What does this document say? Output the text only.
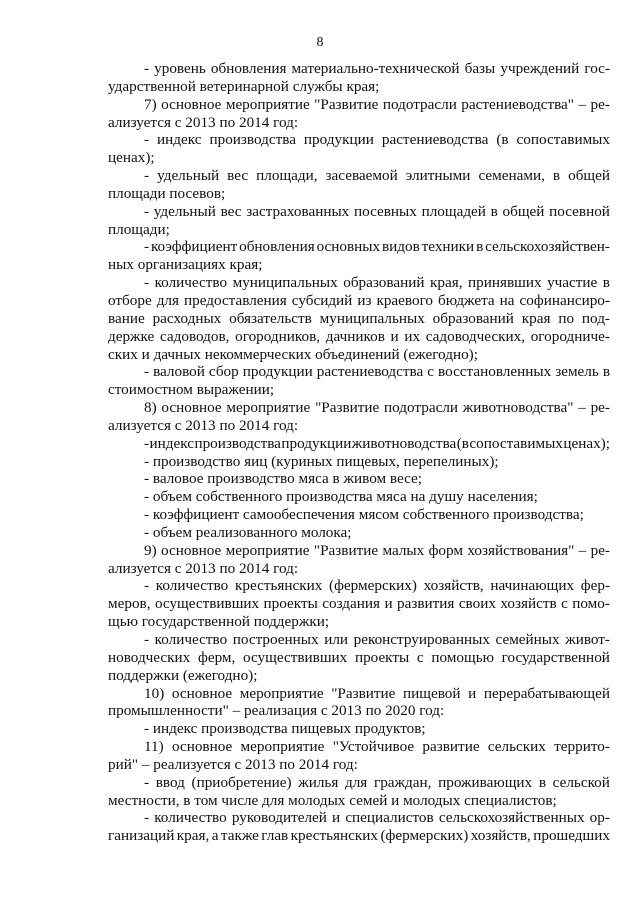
8
- уровень обновления материально-технической базы учреждений гос-
ударственной ветеринарной службы края;
7) основное мероприятие "Развитие подотрасли растениеводства" – ре-
ализуется с 2013 по 2014 год:
- индекс производства продукции растениеводства (в сопоставимых
ценах);
- удельный вес площади, засеваемой элитными семенами, в общей
площади посевов;
- удельный вес застрахованных посевных площадей в общей посевной
площади;
- коэффициент обновления основных видов техники в сельскохозяйствен-
ных организациях края;
- количество муниципальных образований края, принявших участие в
отборе для предоставления субсидий из краевого бюджета на софинансиро-
вание расходных обязательств муниципальных образований края по под-
держке садоводов, огородников, дачников и их садоводческих, огородниче-
ских и дачных некоммерческих объединений (ежегодно);
- валовой сбор продукции растениеводства с восстановленных земель в
стоимостном выражении;
8) основное мероприятие "Развитие подотрасли животноводства" – ре-
ализуется с 2013 по 2014 год:
- индекс производства продукции животноводства (в сопоставимых ценах);
- производство яиц (куриных пищевых, перепелиных);
- валовое производство мяса в живом весе;
- объем собственного производства мяса на душу населения;
- коэффициент самообеспечения мясом собственного производства;
- объем реализованного молока;
9) основное мероприятие "Развитие малых форм хозяйствования" – ре-
ализуется с 2013 по 2014 год:
- количество крестьянских (фермерских) хозяйств, начинающих фер-
меров, осуществивших проекты создания и развития своих хозяйств с помо-
щью государственной поддержки;
- количество построенных или реконструированных семейных живот-
новодческих ферм, осуществивших проекты с помощью государственной
поддержки (ежегодно);
10) основное мероприятие "Развитие пищевой и перерабатывающей
промышленности" – реализация с 2013 по 2020 год:
- индекс производства пищевых продуктов;
11) основное мероприятие "Устойчивое развитие сельских террито-
рий" – реализуется с 2013 по 2014 год:
- ввод (приобретение) жилья для граждан, проживающих в сельской
местности, в том числе для молодых семей и молодых специалистов;
- количество руководителей и специалистов сельскохозяйственных ор-
ганизаций края, а также глав крестьянских (фермерских) хозяйств, прошедших
